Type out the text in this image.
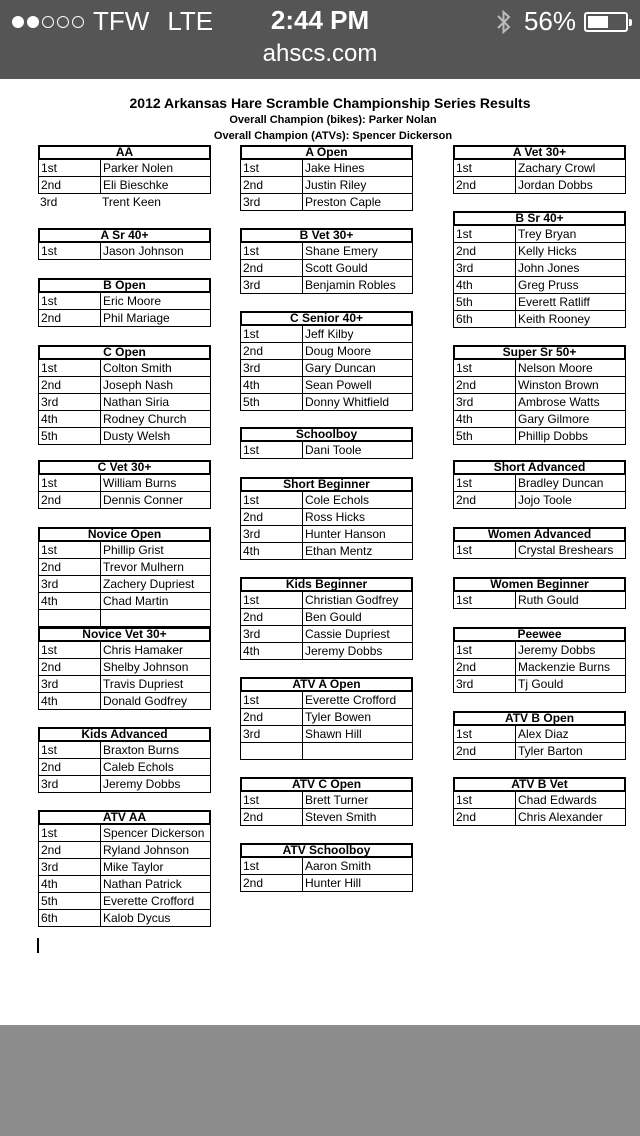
TFW LTE	2:44 PM	56%
ahscs.com
2012 Arkansas Hare Scramble Championship Series Results
Overall Champion (bikes): Parker Nolan
Overall Champion (ATVs): Spencer Dickerson
AA
1st	Parker Nolen
2nd	Eli Bieschke
3rd	Trent Keen
A Sr 40+
1st	Jason Johnson
B Open
1st	Eric Moore
2nd	Phil Mariage
C Open
1st	Colton Smith
2nd	Joseph Nash
3rd	Nathan Siria
4th	Rodney Church
5th	Dusty Welsh
C Vet 30+
1st	William Burns
2nd	Dennis Conner
Novice Open
1st	Phillip Grist
2nd	Trevor Mulhern
3rd	Zachery Dupriest
4th	Chad Martin
Novice Vet 30+
1st	Chris Hamaker
2nd	Shelby Johnson
3rd	Travis Dupriest
4th	Donald Godfrey
Kids Advanced
1st	Braxton Burns
2nd	Caleb Echols
3rd	Jeremy Dobbs
ATV AA
1st	Spencer Dickerson
2nd	Ryland Johnson
3rd	Mike Taylor
4th	Nathan Patrick
5th	Everette Crofford
6th	Kalob Dycus
A Open
1st	Jake Hines
2nd	Justin Riley
3rd	Preston Caple
B Vet 30+
1st	Shane Emery
2nd	Scott Gould
3rd	Benjamin Robles
C Senior 40+
1st	Jeff Kilby
2nd	Doug Moore
3rd	Gary Duncan
4th	Sean Powell
5th	Donny Whitfield
Schoolboy
1st	Dani Toole
Short Beginner
1st	Cole Echols
2nd	Ross Hicks
3rd	Hunter Hanson
4th	Ethan Mentz
Kids Beginner
1st	Christian Godfrey
2nd	Ben Gould
3rd	Cassie Dupriest
4th	Jeremy Dobbs
ATV A Open
1st	Everette Crofford
2nd	Tyler Bowen
3rd	Shawn Hill
ATV C Open
1st	Brett Turner
2nd	Steven Smith
ATV Schoolboy
1st	Aaron Smith
2nd	Hunter Hill
A Vet 30+
1st	Zachary Crowl
2nd	Jordan Dobbs
B Sr 40+
1st	Trey Bryan
2nd	Kelly Hicks
3rd	John Jones
4th	Greg Pruss
5th	Everett Ratliff
6th	Keith Rooney
Super Sr 50+
1st	Nelson Moore
2nd	Winston Brown
3rd	Ambrose Watts
4th	Gary Gilmore
5th	Phillip Dobbs
Short Advanced
1st	Bradley Duncan
2nd	Jojo Toole
Women Advanced
1st	Crystal Breshears
Women Beginner
1st	Ruth Gould
Peewee
1st	Jeremy Dobbs
2nd	Mackenzie Burns
3rd	Tj Gould
ATV B Open
1st	Alex Diaz
2nd	Tyler Barton
ATV B Vet
1st	Chad Edwards
2nd	Chris Alexander
